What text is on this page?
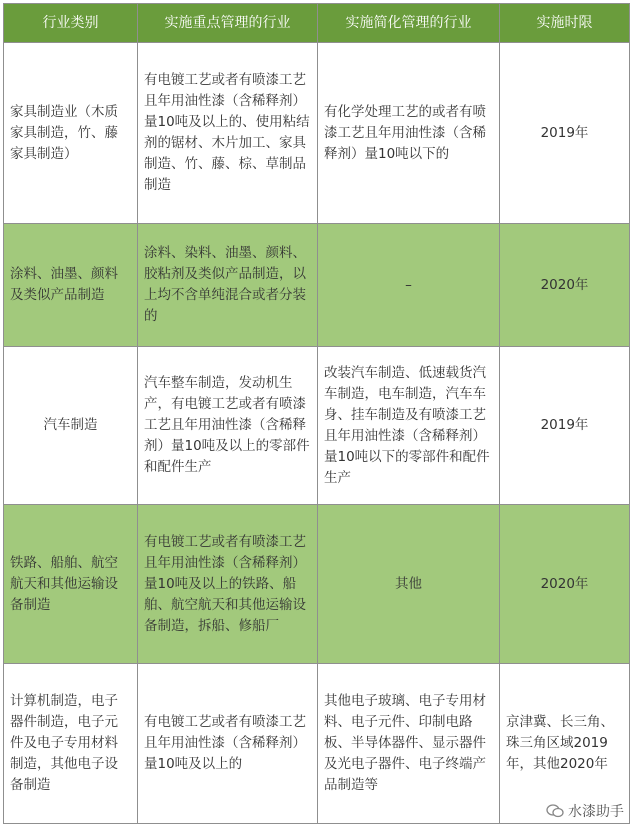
行业类别	实施重点管理的行业	实施简化管理的行业	实施时限
家具制造业（木质家具制造，竹、藤家具制造）	有电镀工艺或者有喷漆工艺且年用油性漆（含稀释剂）量10吨及以上的、使用粘结剂的锯材、木片加工、家具制造、竹、藤、棕、草制品制造	有化学处理工艺的或者有喷漆工艺且年用油性漆（含稀释剂）量10吨以下的	2019年
涂料、油墨、颜料及类似产品制造	涂料、染料、油墨、颜料、胶粘剂及类似产品制造，以上均不含单纯混合或者分装的	–	2020年
汽车制造	汽车整车制造，发动机生产，有电镀工艺或者有喷漆工艺且年用油性漆（含稀释剂）量10吨及以上的零部件和配件生产	改装汽车制造、低速载货汽车制造，电车制造，汽车车身、挂车制造及有喷漆工艺且年用油性漆（含稀释剂）量10吨以下的零部件和配件生产	2019年
铁路、船舶、航空航天和其他运输设备制造	有电镀工艺或者有喷漆工艺且年用油性漆（含稀释剂）量10吨及以上的铁路、船舶、航空航天和其他运输设备制造，拆船、修船厂	其他	2020年
计算机制造，电子器件制造，电子元件及电子专用材料制造，其他电子设备制造	有电镀工艺或者有喷漆工艺且年用油性漆（含稀释剂）量10吨及以上的	其他电子玻璃、电子专用材料、电子元件、印制电路板、半导体器件、显示器件及光电子器件、电子终端产品制造等	京津冀、长三角、珠三角区域2019年，其他2020年
水漆助手
